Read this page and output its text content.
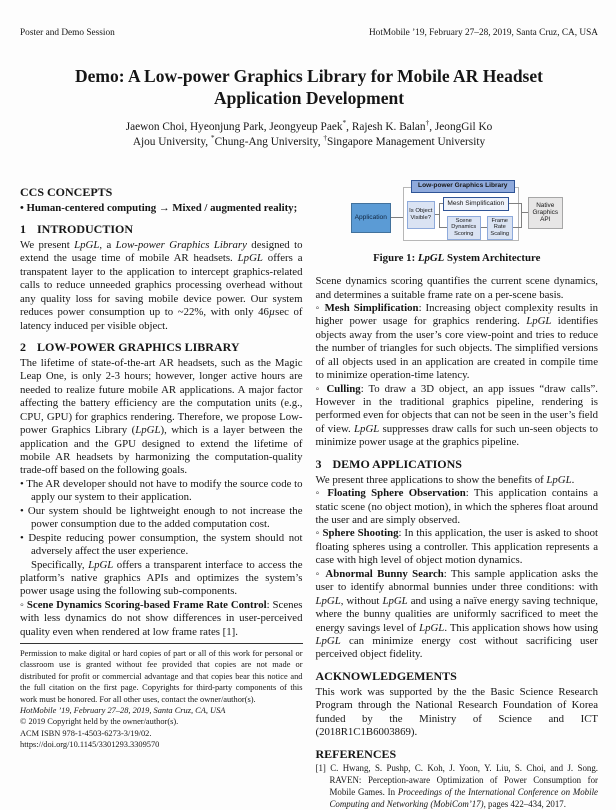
Poster and Demo Session	HotMobile ’19, February 27–28, 2019, Santa Cruz, CA, USA
Demo: A Low-power Graphics Library for Mobile AR Headset Application Development
Jaewon Choi, Hyeonjung Park, Jeongyeup Paek*, Rajesh K. Balan†, JeongGil Ko
Ajou University, *Chung-Ang University, †Singapore Management University
CCS CONCEPTS

• Human-centered computing → Mixed / augmented reality;

1 INTRODUCTION

We present LpGL, a Low-power Graphics Library designed to extend the usage time of mobile AR headsets. LpGL offers a transpatent layer to the application to intercept graphics-related calls to reduce unneeded graphics processing overhead without any quality loss for saving mobile device power. Our system reduces power consumption up to ~22%, with only 46µsec of latency induced per visible object.

2 LOW-POWER GRAPHICS LIBRARY

The lifetime of state-of-the-art AR headsets, such as the Magic Leap One, is only 2-3 hours; however, longer active hours are needed to realize future mobile AR applications. A major factor affecting the battery efficiency are the computation units (e.g., CPU, GPU) for graphics rendering. Therefore, we propose Low-power Graphics Library (LpGL), which is a layer between the application and the GPU designed to extend the lifetime of mobile AR headsets by harmonizing the computation-quality trade-off based on the following goals.

• The AR developer should not have to modify the source code to apply our system to their application.
• Our system should be lightweight enough to not increase the power consumption due to the added computation cost.
• Despite reducing power consumption, the system should not adversely affect the user experience.

Specifically, LpGL offers a transparent interface to access the platform’s native graphics APIs and optimizes the system’s power usage using the following sub-components.

◦ Scene Dynamics Scoring-based Frame Rate Control: Scenes with less dynamics do not show differences in user-perceived quality even when rendered at low frame rates [1].

Permission to make digital or hard copies of part or all of this work for personal or classroom use is granted without fee provided that copies are not made or distributed for profit or commercial advantage and that copies bear this notice and the full citation on the first page. Copyrights for third-party components of this work must be honored. For all other uses, contact the owner/author(s).

HotMobile ’19, February 27–28, 2019, Santa Cruz, CA, USA

© 2019 Copyright held by the owner/author(s).

ACM ISBN 978-1-4503-6273-3/19/02.

https://doi.org/10.1145/3301293.3309570

Application
Low-power Graphics Library
Is Object Visible?
Mesh Simplification
Scene Dynamics Scoring
Frame Rate Scaling
Native Graphics API
Figure 1: LpGL System Architecture

Scene dynamics scoring quantifies the current scene dynamics, and determines a suitable frame rate on a per-scene basis.

◦ Mesh Simplification: Increasing object complexity results in higher power usage for graphics rendering. LpGL identifies objects away from the user’s core view-point and tries to reduce the number of triangles for such objects. The simplified versions of all objects used in an application are created in compile time to minimize operation-time latency.

◦ Culling: To draw a 3D object, an app issues “draw calls”. However in the traditional graphics pipeline, rendering is performed even for objects that can not be seen in the user’s field of view. LpGL suppresses draw calls for such un-seen objects to minimize power usage at the graphics pipeline.

3 DEMO APPLICATIONS

We present three applications to show the benefits of LpGL.

◦ Floating Sphere Observation: This application contains a static scene (no object motion), in which the spheres float around the user and are simply observed.

◦ Sphere Shooting: In this application, the user is asked to shoot floating spheres using a controller. This application represents a case with high level of object motion dynamics.

◦ Abnormal Bunny Search: This sample application asks the user to identify abnormal bunnies under three conditions: with LpGL, without LpGL and using a naïve energy saving technique, where the bunny qualities are uniformly sacrificed to meet the energy savings level of LpGL. This application shows how using LpGL can minimize energy cost without sacrificing user perceived object fidelity.

ACKNOWLEDGEMENTS

This work was supported by the the Basic Science Research Program through the National Research Foundation of Korea funded by the Ministry of Science and ICT (2018R1C1B6003869).

REFERENCES
[1] C. Hwang, S. Pushp, C. Koh, J. Yoon, Y. Liu, S. Choi, and J. Song. RAVEN: Perception-aware Optimization of Power Consumption for Mobile Games. In Proceedings of the International Conference on Mobile Computing and Networking (MobiCom’17), pages 422–434, 2017.
